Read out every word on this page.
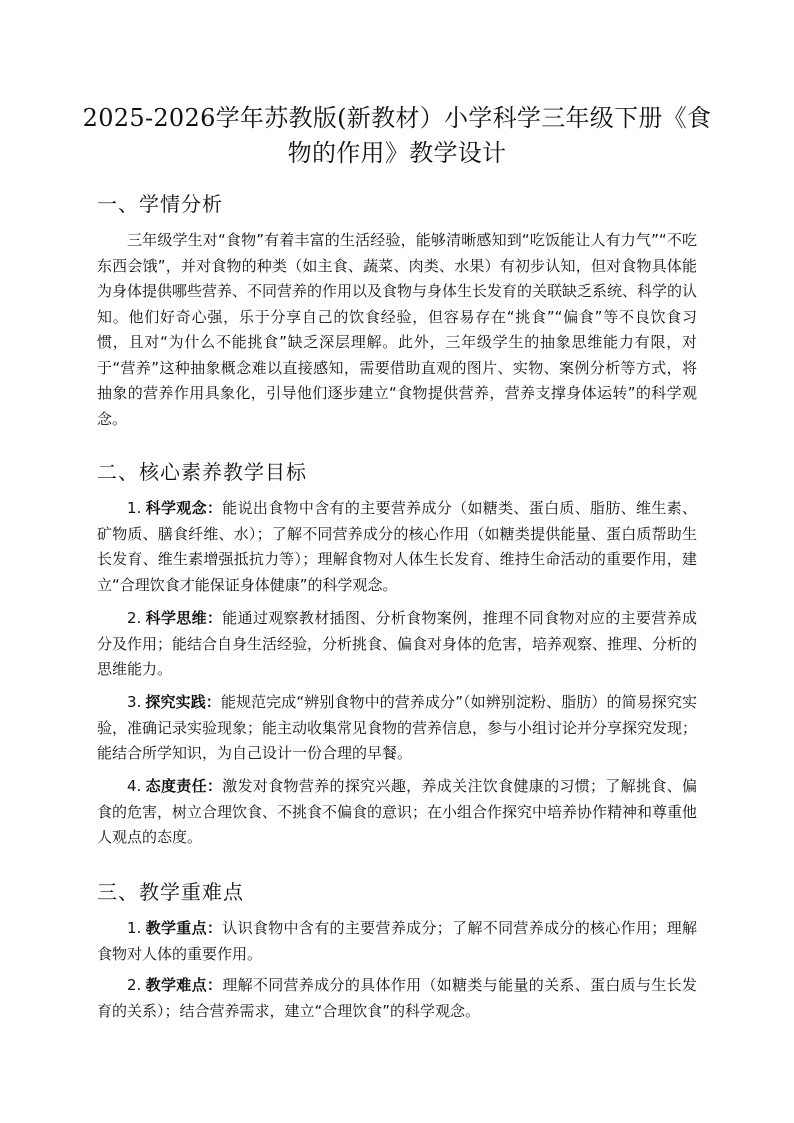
2025-2026学年苏教版(新教材）小学科学三年级下册《食物的作用》教学设计
一、学情分析
三年级学生对“食物”有着丰富的生活经验，能够清晰感知到“吃饭能让人有力气”“不吃东西会饿”，并对食物的种类（如主食、蔬菜、肉类、水果）有初步认知，但对食物具体能为身体提供哪些营养、不同营养的作用以及食物与身体生长发育的关联缺乏系统、科学的认知。他们好奇心强，乐于分享自己的饮食经验，但容易存在“挑食”“偏食”等不良饮食习惯，且对“为什么不能挑食”缺乏深层理解。此外，三年级学生的抽象思维能力有限，对于“营养”这种抽象概念难以直接感知，需要借助直观的图片、实物、案例分析等方式，将抽象的营养作用具象化，引导他们逐步建立“食物提供营养，营养支撑身体运转”的科学观念。
二、核心素养教学目标
1. 科学观念：能说出食物中含有的主要营养成分（如糖类、蛋白质、脂肪、维生素、矿物质、膳食纤维、水）；了解不同营养成分的核心作用（如糖类提供能量、蛋白质帮助生长发育、维生素增强抵抗力等）；理解食物对人体生长发育、维持生命活动的重要作用，建立“合理饮食才能保证身体健康”的科学观念。
2. 科学思维：能通过观察教材插图、分析食物案例，推理不同食物对应的主要营养成分及作用；能结合自身生活经验，分析挑食、偏食对身体的危害，培养观察、推理、分析的思维能力。
3. 探究实践：能规范完成“辨别食物中的营养成分”（如辨别淀粉、脂肪）的简易探究实验，准确记录实验现象；能主动收集常见食物的营养信息，参与小组讨论并分享探究发现；能结合所学知识，为自己设计一份合理的早餐。
4. 态度责任：激发对食物营养的探究兴趣，养成关注饮食健康的习惯；了解挑食、偏食的危害，树立合理饮食、不挑食不偏食的意识；在小组合作探究中培养协作精神和尊重他人观点的态度。
三、教学重难点
1. 教学重点：认识食物中含有的主要营养成分；了解不同营养成分的核心作用；理解食物对人体的重要作用。
2. 教学难点：理解不同营养成分的具体作用（如糖类与能量的关系、蛋白质与生长发育的关系）；结合营养需求，建立“合理饮食”的科学观念。
